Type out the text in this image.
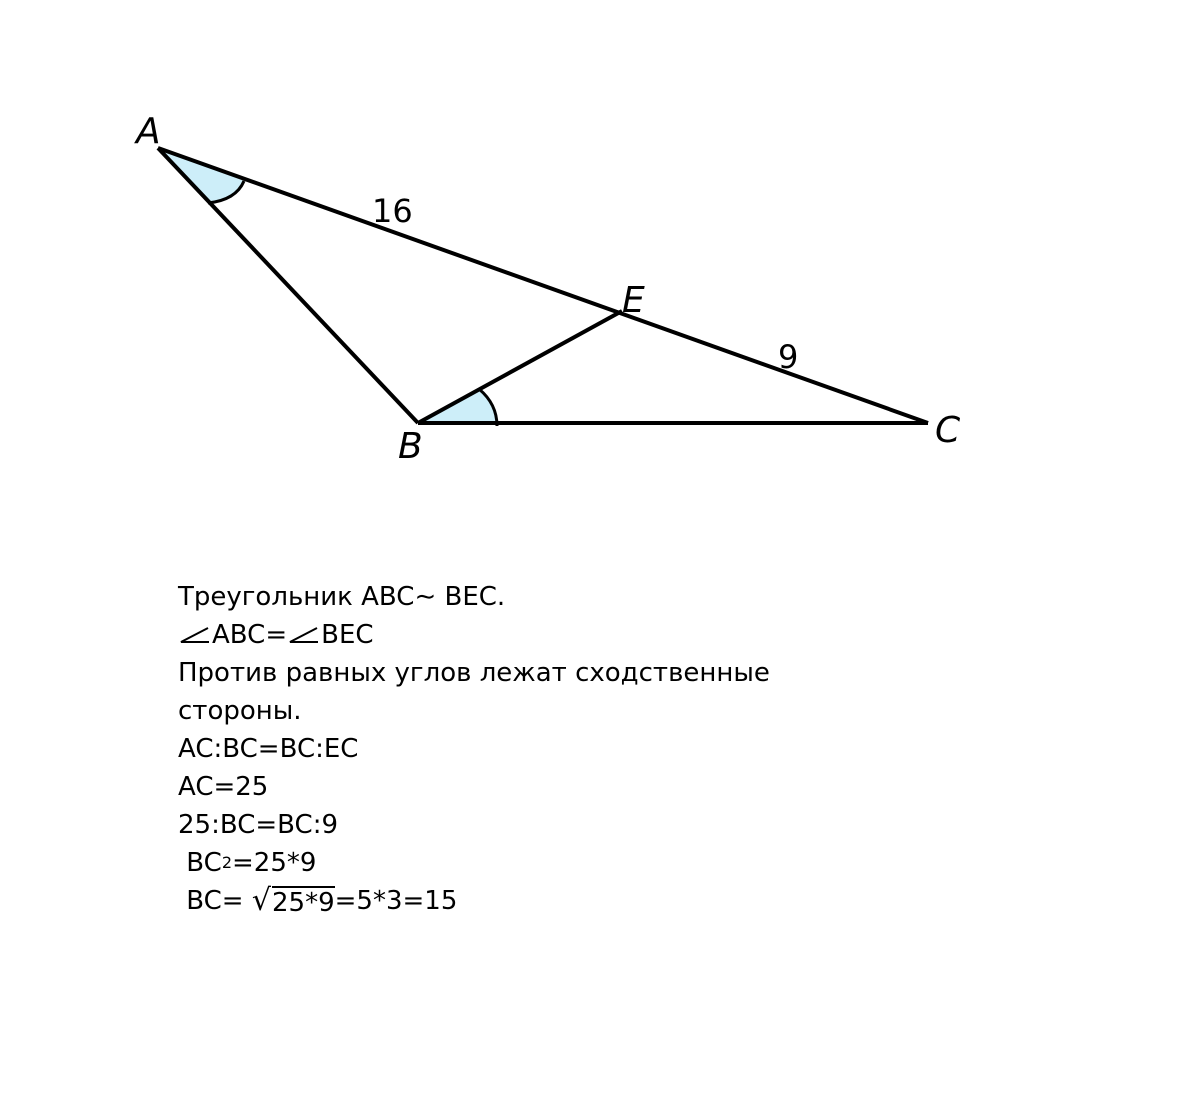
A
B	C
E
16
9
Треугольник ABC∼ BEC.
ABC= BEC
Против равных углов лежат сходственные
стороны.
AC:BC=BC:EC
AC=25
25:BC=BC:9

BC 2 =25*9

BC=
√ 25*9 =5*3=15
